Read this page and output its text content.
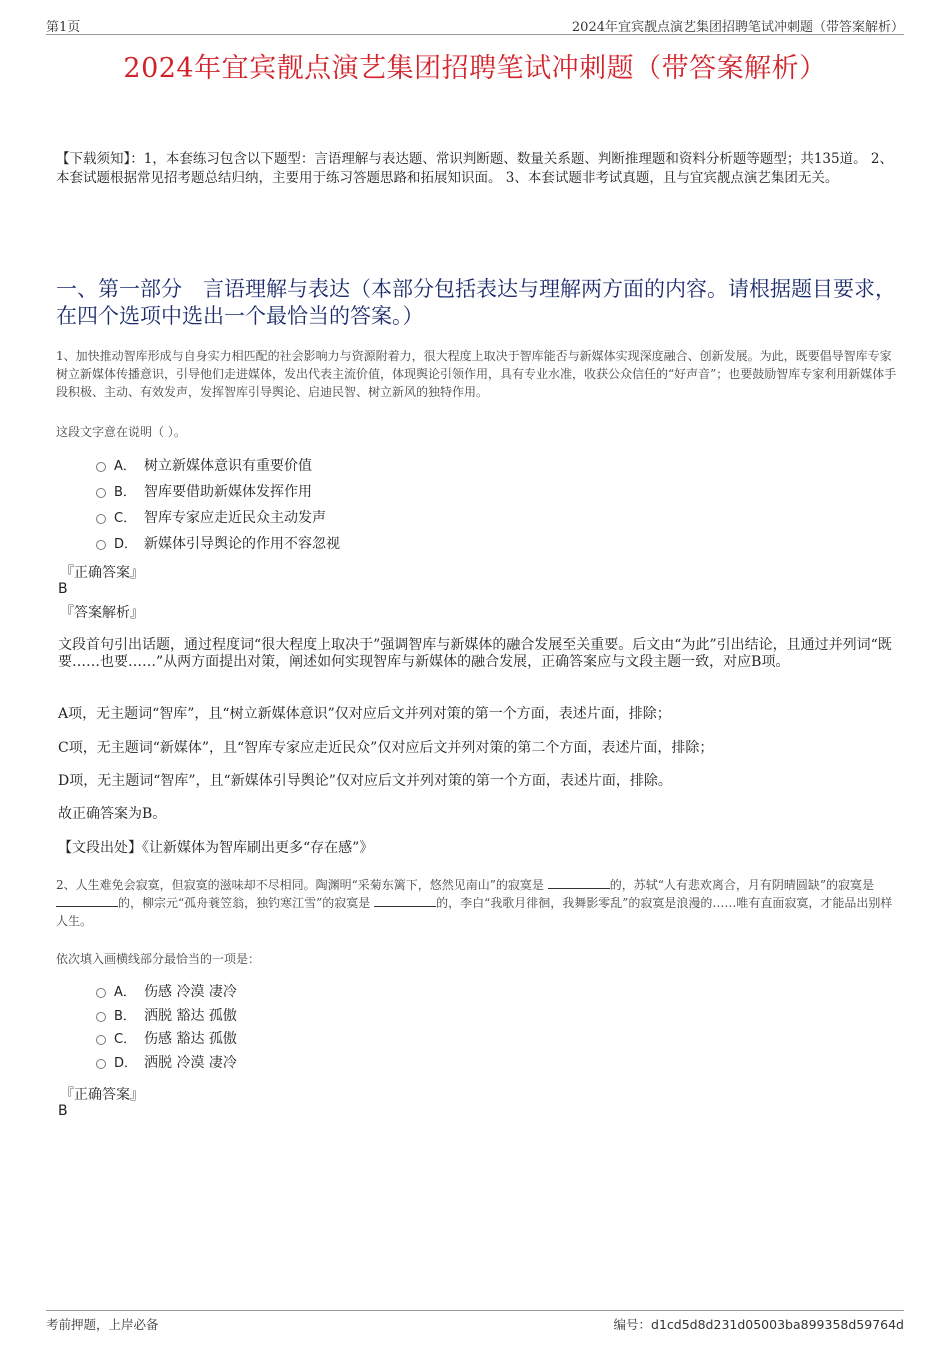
第1页	2024年宜宾靓点演艺集团招聘笔试冲刺题（带答案解析）
2024年宜宾靓点演艺集团招聘笔试冲刺题（带答案解析）
【下载须知】：1，本套练习包含以下题型：言语理解与表达题、常识判断题、数量关系题、判断推理题和资料分析题等题型；共135道。 2、本套试题根据常见招考题总结归纳，主要用于练习答题思路和拓展知识面。 3、本套试题非考试真题，且与宜宾靓点演艺集团无关。
一、第一部分　言语理解与表达（本部分包括表达与理解两方面的内容。请根据题目要求，在四个选项中选出一个最恰当的答案。）
1、加快推动智库形成与自身实力相匹配的社会影响力与资源附着力，很大程度上取决于智库能否与新媒体实现深度融合、创新发展。为此，既要倡导智库专家树立新媒体传播意识，引导他们走进媒体，发出代表主流价值，体现舆论引领作用，具有专业水准，收获公众信任的“好声音”；也要鼓励智库专家利用新媒体手段积极、主动、有效发声，发挥智库引导舆论、启迪民智、树立新风的独特作用。
这段文字意在说明（ ）。
A． 树立新媒体意识有重要价值
B． 智库要借助新媒体发挥作用
C． 智库专家应走近民众主动发声
D． 新媒体引导舆论的作用不容忽视
『正确答案』
B
『答案解析』
文段首句引出话题，通过程度词“很大程度上取决于”强调智库与新媒体的融合发展至关重要。后文由“为此”引出结论，且通过并列词“既要……也要……”从两方面提出对策，阐述如何实现智库与新媒体的融合发展，正确答案应与文段主题一致，对应B项。
A项，无主题词“智库”，且“树立新媒体意识”仅对应后文并列对策的第一个方面，表述片面，排除；
C项，无主题词“新媒体”，且“智库专家应走近民众”仅对应后文并列对策的第二个方面，表述片面，排除；
D项，无主题词“智库”，且“新媒体引导舆论”仅对应后文并列对策的第一个方面，表述片面，排除。
故正确答案为B。
【文段出处】《让新媒体为智库刷出更多“存在感”》
2、人生难免会寂寞，但寂寞的滋味却不尽相同。陶渊明“采菊东篱下，悠然见南山”的寂寞是	的，苏轼“人有悲欢离合，月有阴晴圆缺”的寂寞是 的，柳宗元“孤舟蓑笠翁，独钓寒江雪”的寂寞是	的，李白“我歌月徘徊，我舞影零乱”的寂寞是浪漫的……唯有直面寂寞，才能品出别样人生。
依次填入画横线部分最恰当的一项是：
A． 伤感 冷漠 凄冷
B． 洒脱 豁达 孤傲
C． 伤感 豁达 孤傲
D． 洒脱 冷漠 凄冷
『正确答案』
B
考前押题，上岸必备	编号：d1cd5d8d231d05003ba899358d59764d
